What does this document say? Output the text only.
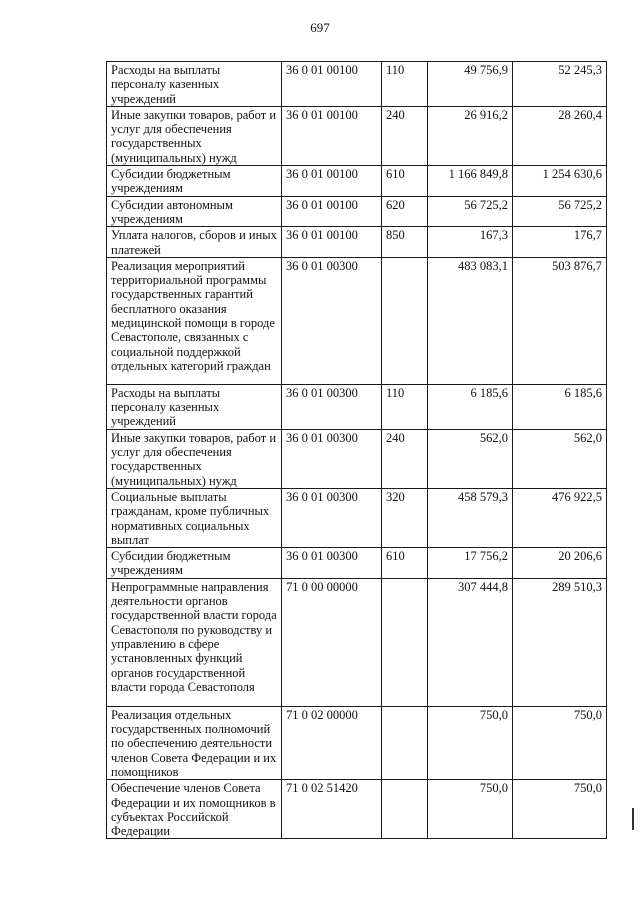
697
Расходы на выплаты персоналу казенных учреждений	36 0 01 00100	110	49 756,9	52 245,3
Иные закупки товаров, работ и услуг для обеспечения государственных (муниципальных) нужд	36 0 01 00100	240	26 916,2	28 260,4
Субсидии бюджетным учреждениям	36 0 01 00100	610	1 166 849,8	1 254 630,6
Субсидии автономным учреждениям	36 0 01 00100	620	56 725,2	56 725,2
Уплата налогов, сборов и иных платежей	36 0 01 00100	850	167,3	176,7
Реализация мероприятий территориальной программы государственных гарантий бесплатного оказания медицинской помощи в городе Севастополе, связанных с социальной поддержкой отдельных категорий граждан	36 0 01 00300		483 083,1	503 876,7
Расходы на выплаты персоналу казенных учреждений	36 0 01 00300	110	6 185,6	6 185,6
Иные закупки товаров, работ и услуг для обеспечения государственных (муниципальных) нужд	36 0 01 00300	240	562,0	562,0
Социальные выплаты гражданам, кроме публичных нормативных социальных выплат	36 0 01 00300	320	458 579,3	476 922,5
Субсидии бюджетным учреждениям	36 0 01 00300	610	17 756,2	20 206,6
Непрограммные направления деятельности органов государственной власти города Севастополя по руководству и управлению в сфере установленных функций органов государственной власти города Севастополя	71 0 00 00000		307 444,8	289 510,3
Реализация отдельных государственных полномочий по обеспечению деятельности членов Совета Федерации и их помощников	71 0 02 00000		750,0	750,0
Обеспечение членов Совета Федерации и их помощников в субъектах Российской Федерации	71 0 02 51420		750,0	750,0
